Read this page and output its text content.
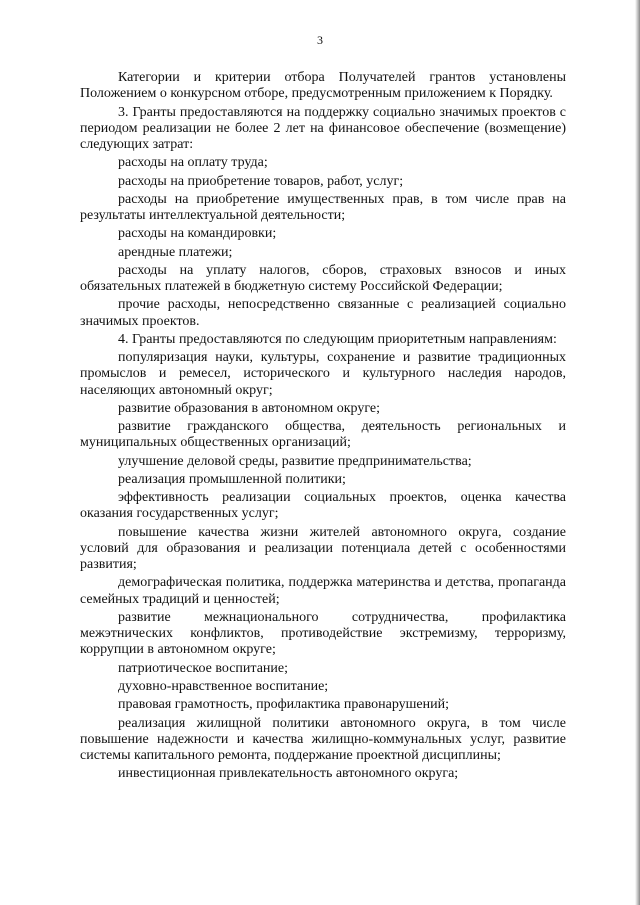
3

Категории и критерии отбора Получателей грантов установлены Положением о конкурсном отборе, предусмотренным приложением к Порядку.

3. Гранты предоставляются на поддержку социально значимых проектов с периодом реализации не более 2 лет на финансовое обеспечение (возмещение) следующих затрат:

расходы на оплату труда;

расходы на приобретение товаров, работ, услуг;

расходы на приобретение имущественных прав, в том числе прав на результаты интеллектуальной деятельности;

расходы на командировки;

арендные платежи;

расходы на уплату налогов, сборов, страховых взносов и иных обязательных платежей в бюджетную систему Российской Федерации;

прочие расходы, непосредственно связанные с реализацией социально значимых проектов.

4. Гранты предоставляются по следующим приоритетным направлениям:

популяризация науки, культуры, сохранение и развитие традиционных промыслов и ремесел, исторического и культурного наследия народов, населяющих автономный округ;

развитие образования в автономном округе;

развитие гражданского общества, деятельность региональных и муниципальных общественных организаций;

улучшение деловой среды, развитие предпринимательства;

реализация промышленной политики;

эффективность реализации социальных проектов, оценка качества оказания государственных услуг;

повышение качества жизни жителей автономного округа, создание условий для образования и реализации потенциала детей с особенностями развития;

демографическая политика, поддержка материнства и детства, пропаганда семейных традиций и ценностей;

развитие межнационального сотрудничества, профилактика межэтнических конфликтов, противодействие экстремизму, терроризму, коррупции в автономном округе;

патриотическое воспитание;

духовно-нравственное воспитание;

правовая грамотность, профилактика правонарушений;

реализация жилищной политики автономного округа, в том числе повышение надежности и качества жилищно-коммунальных услуг, развитие системы капитального ремонта, поддержание проектной дисциплины;

инвестиционная привлекательность автономного округа;
